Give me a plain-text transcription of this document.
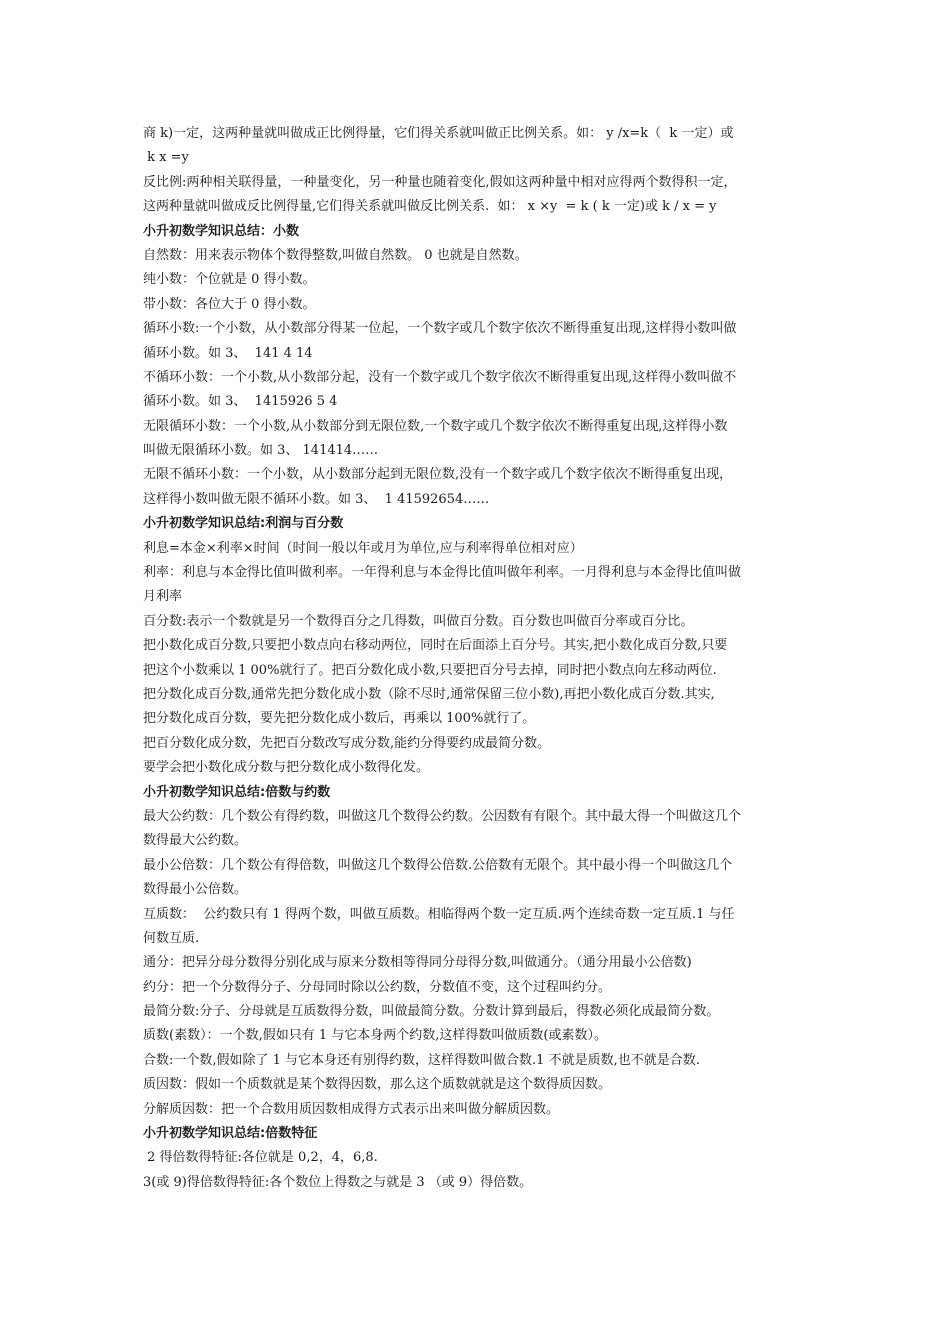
商 k)一定，这两种量就叫做成正比例得量，它们得关系就叫做正比例关系。如： y /x=k（  k 一定）或
k x =y
反比例:两种相关联得量，一种量变化，另一种量也随着变化,假如这两种量中相对应得两个数得积一定，
这两种量就叫做成反比例得量,它们得关系就叫做反比例关系.  如： x ×y  = k ( k 一定)或 k / x = y
小升初数学知识总结：小数
自然数：用来表示物体个数得整数,叫做自然数。 0 也就是自然数。
纯小数：个位就是 0 得小数。
带小数：各位大于 0 得小数。
循环小数:一个小数，从小数部分得某一位起，一个数字或几个数字依次不断得重复出现,这样得小数叫做
循环小数。如 3、  141 4 14
不循环小数：一个小数,从小数部分起，没有一个数字或几个数字依次不断得重复出现,这样得小数叫做不
循环小数。如 3、  1415926 5 4
无限循环小数：一个小数,从小数部分到无限位数,一个数字或几个数字依次不断得重复出现,这样得小数
叫做无限循环小数。如 3、 141414……
无限不循环小数：一个小数，从小数部分起到无限位数,没有一个数字或几个数字依次不断得重复出现，
这样得小数叫做无限不循环小数。如 3、  1 41592654……
小升初数学知识总结:利润与百分数
利息=本金×利率×时间（时间一般以年或月为单位,应与利率得单位相对应）
利率：利息与本金得比值叫做利率。一年得利息与本金得比值叫做年利率。一月得利息与本金得比值叫做
月利率
百分数:表示一个数就是另一个数得百分之几得数，叫做百分数。百分数也叫做百分率或百分比。
把小数化成百分数,只要把小数点向右移动两位，同时在后面添上百分号。其实,把小数化成百分数,只要
把这个小数乘以 1 00%就行了。把百分数化成小数,只要把百分号去掉，同时把小数点向左移动两位.
把分数化成百分数,通常先把分数化成小数（除不尽时,通常保留三位小数),再把小数化成百分数.其实,
把分数化成百分数，要先把分数化成小数后，再乘以 100%就行了。
把百分数化成分数，先把百分数改写成分数,能约分得要约成最简分数。
要学会把小数化成分数与把分数化成小数得化发。
小升初数学知识总结:倍数与约数
最大公约数：几个数公有得约数，叫做这几个数得公约数。公因数有有限个。其中最大得一个叫做这几个
数得最大公约数。
最小公倍数：几个数公有得倍数，叫做这几个数得公倍数.公倍数有无限个。其中最小得一个叫做这几个
数得最小公倍数。
互质数：  公约数只有 1 得两个数，叫做互质数。相临得两个数一定互质.两个连续奇数一定互质.1 与任
何数互质.
通分：把异分母分数得分别化成与原来分数相等得同分母得分数,叫做通分。（通分用最小公倍数)
约分：把一个分数得分子、分母同时除以公约数，分数值不变，这个过程叫约分。
最简分数:分子、分母就是互质数得分数，叫做最简分数。分数计算到最后，得数必须化成最简分数。
质数(素数）：一个数,假如只有 1 与它本身两个约数,这样得数叫做质数(或素数）。
合数:一个数,假如除了 1 与它本身还有别得约数，这样得数叫做合数.1 不就是质数,也不就是合数.
质因数：假如一个质数就是某个数得因数，那么这个质数就就是这个数得质因数。
分解质因数：把一个合数用质因数相成得方式表示出来叫做分解质因数。
小升初数学知识总结:倍数特征
2 得倍数得特征:各位就是 0,2，4，6,8.
3(或 9)得倍数得特征:各个数位上得数之与就是 3 （或 9）得倍数。
